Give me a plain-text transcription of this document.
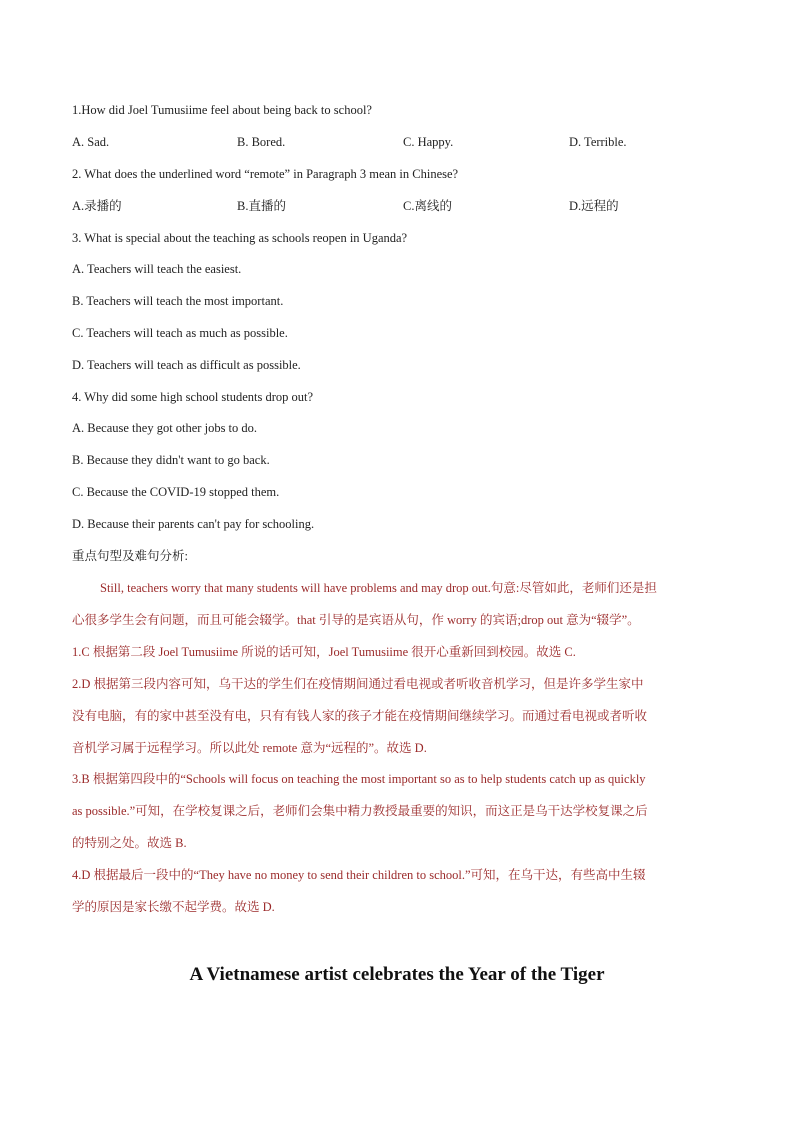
1.How did Joel Tumusiime feel about being back to school?
A. Sad.	B. Bored.	C. Happy.	D. Terrible.
2. What does the underlined word “remote” in Paragraph 3 mean in Chinese?
A.录播的	B.直播的	C.离线的	D.远程的
3. What is special about the teaching as schools reopen in Uganda?
A. Teachers will teach the easiest.
B. Teachers will teach the most important.
C. Teachers will teach as much as possible.
D. Teachers will teach as difficult as possible.
4. Why did some high school students drop out?
A. Because they got other jobs to do.
B. Because they didn't want to go back.
C. Because the COVID-19 stopped them.
D. Because their parents can't pay for schooling.
重点句型及难句分析:
Still, teachers worry that many students will have problems and may drop out.句意:尽管如此，老师们还是担
心很多学生会有问题，而且可能会辍学。that 引导的是宾语从句，作 worry 的宾语;drop out 意为“辍学”。
1.C 根据第二段 Joel Tumusiime 所说的话可知，Joel Tumusiime 很开心重新回到校园。故选 C.
2.D 根据第三段内容可知，乌干达的学生们在疫情期间通过看电视或者听收音机学习，但是许多学生家中
没有电脑，有的家中甚至没有电，只有有钱人家的孩子才能在疫情期间继续学习。而通过看电视或者听收
音机学习属于远程学习。所以此处 remote 意为“远程的”。故选 D.
3.B 根据第四段中的“Schools will focus on teaching the most important so as to help students catch up as quickly
as possible.”可知，在学校复课之后，老师们会集中精力教授最重要的知识，而这正是乌干达学校复课之后
的特别之处。故选 B.
4.D 根据最后一段中的“They have no money to send their children to school.”可知，在乌干达，有些高中生辍
学的原因是家长缴不起学费。故选 D.
A Vietnamese artist celebrates the Year of the Tiger
